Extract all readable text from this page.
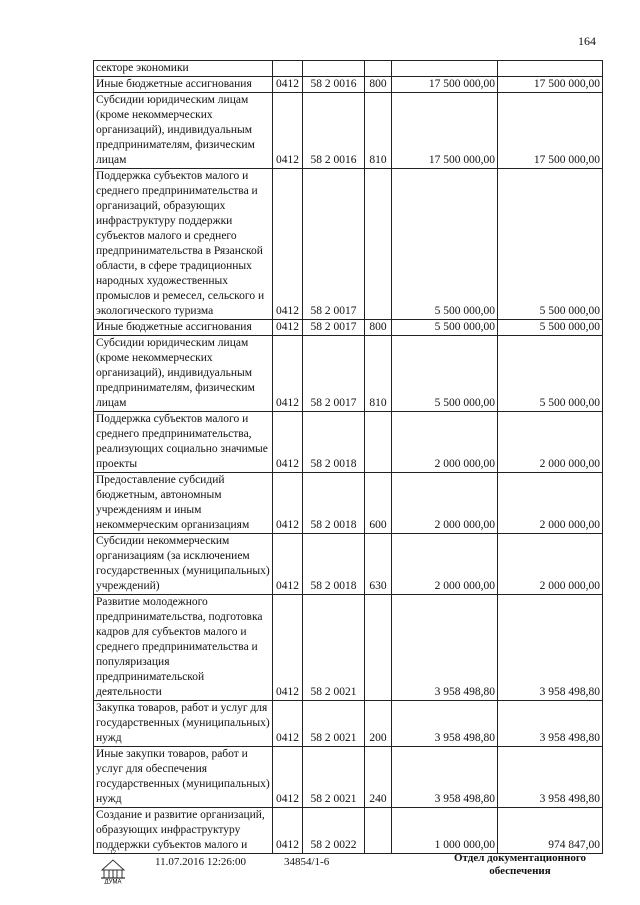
164
секторе экономики					
Иные бюджетные ассигнования	0412	58 2 0016	800	17 500 000,00	17 500 000,00
Субсидии юридическим лицам (кроме некоммерческих организаций), индивидуальным предпринимателям, физическим лицам	0412	58 2 0016	810	17 500 000,00	17 500 000,00
Поддержка субъектов малого и среднего предпринимательства и организаций, образующих инфраструктуру поддержки субъектов малого и среднего предпринимательства в Рязанской области, в сфере традиционных народных художественных промыслов и ремесел, сельского и экологического туризма	0412	58 2 0017		5 500 000,00	5 500 000,00
Иные бюджетные ассигнования	0412	58 2 0017	800	5 500 000,00	5 500 000,00
Субсидии юридическим лицам (кроме некоммерческих организаций), индивидуальным предпринимателям, физическим лицам	0412	58 2 0017	810	5 500 000,00	5 500 000,00
Поддержка субъектов малого и среднего предпринимательства, реализующих социально значимые проекты	0412	58 2 0018		2 000 000,00	2 000 000,00
Предоставление субсидий бюджетным, автономным учреждениям и иным некоммерческим организациям	0412	58 2 0018	600	2 000 000,00	2 000 000,00
Субсидии некоммерческим организациям (за исключением государственных (муниципальных) учреждений)	0412	58 2 0018	630	2 000 000,00	2 000 000,00
Развитие молодежного предпринимательства, подготовка кадров для субъектов малого и среднего предпринимательства и популяризация предпринимательской деятельности	0412	58 2 0021		3 958 498,80	3 958 498,80
Закупка товаров, работ и услуг для государственных (муниципальных) нужд	0412	58 2 0021	200	3 958 498,80	3 958 498,80
Иные закупки товаров, работ и услуг для обеспечения государственных (муниципальных) нужд	0412	58 2 0021	240	3 958 498,80	3 958 498,80
Создание и развитие организаций, образующих инфраструктуру поддержки субъектов малого и	0412	58 2 0022		1 000 000,00	974 847,00
12
ДУМА
11.07.2016 12:26:00	34854/1-6	Отдел документационного
обеспечения
